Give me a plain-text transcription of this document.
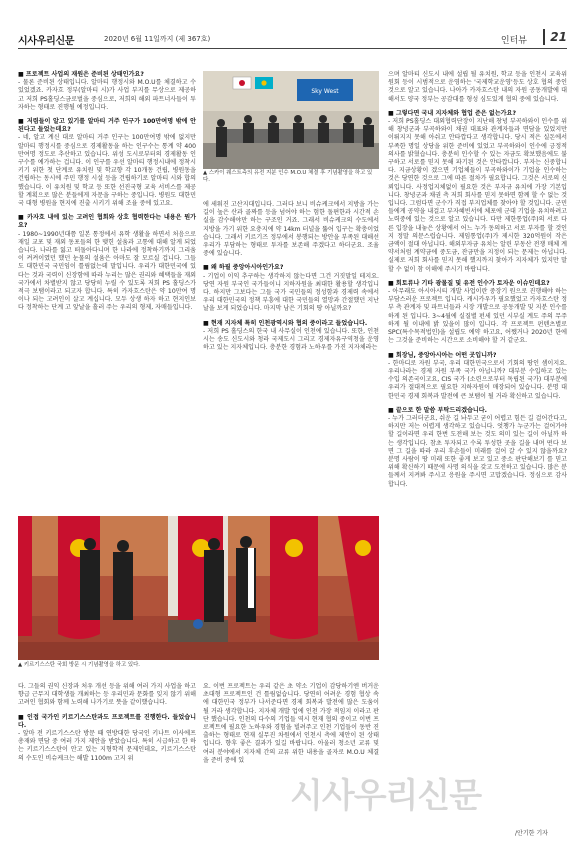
시사우리신문	2020년 6월 11일까지 (제 367호)	인터뷰 21
Sky West
▲ 스카이 웨스트측의 유전 지분 인수 M.O.U 체결 후 기념촬영을 하고 있다.

■ 프로젝트 사업의 재원은 준비된 상태인가요?
- 물론 준비된 상태입니다. 알마티 행정시와 M.O.U를 체결하고 수 있었겠죠. 카자흐 정부(알마티 시)가 사업 부지를 무상으로 제공하고 저희 PS홀딩스금로벌을 중심으로, 저희의 해외 파트너사들이 투자하는 형태로 진행될 예정입니다.

■ 저렴들이 알고 있기를 알마티 거주 인구가 100만여명 밖에 안된다고 들었는데요?
- 네, 알고 계신 대로 알마티 거주 인구는 100만여명 밖에 없지만 알마티 행정시를 중심으로 경제활동을 하는 인구수는 통계 약 400만여명 정도로 추산하고 있습니다. 위성 도시로부터의 경제활동 인구수를 예가하는 겁니다. 이 인구를 우선 알마티 행정시내에 정착시키기 위한 첫 단계로 유치원 및 학교향 각 10개동 건립, 병원동을 건립하는 동시에 주민 행정 시설 등을 건립하기로 알마티 시와 합의했습니다. 이 유치원 및 학교 등 또한 선진국형 교육 서비스를 제공할 계획으로 많은 분들에게 자문을 구하는 중입니다. 병원도 대한민국 대형 병원을 현지에 진출 시키기 위해 조율 중에 있고요.

■ 카자흐 내에 있는 고려인 협회와 상호 협력한다는 내용은 뭔가요?
- 1980~1990년대쯤 일본 통정에서 유학 생활을 하면서 처음으로 재일 교포 및 재외 동포들의 한 맺힌 설움과 고통에 대해 알게 되었습니다. 나라를 잃고 떠돌아다니며 한 나라에 정착하기까지 그리움이 켜켜이였던 했던 눈물의 설움은 아마도 잘 모르실 겁니다. 그들도 대한민국 국민임이 틀림없는데 말입니다. 우리가 대한민국에 있다는 것과 국력이 신장함에 따라 누리는 많은 권리와 혜택들을 재외 국가에서 차별받지 않고 당당히 누릴 수 있도록 저희 PS 홀딩스가 적극 보탬이라고 되고자 합니다. 특히 카자흐스탄은 약 10만여 명이나 되는 고려인이 살고 계십니다. 모두 상생 하자 하고 현지인보다 정착하는 단계 고 앞날을 흘러 주는 우리의 형제, 자매들입니다.

에 세워진 고산지대입니다. 그러다 보니 비슈케크에서 지방을 가는 길이 높은 산과 골짜를 등을 넘어야 하는 험한 돌편한과 시간적 손실을 감수해야만 하는 구조인 거죠. 그래서 비슈케크의 수도에서 지방을 가기 위한 요충지에 약 14km 터널을 뚫어 입구는 확충이었습니다. 그래서 키르기즈 정부에서 봉행되는 방안을 부족된 대해선 우리가 부담하는 형태로 투자를 보존해 주겠다고 하더군요. 조율 중에 있습니다.

■ 왜 하필 중앙아시아인가요?
- 기업이 이익 추구하는 생각하지 않는다면 그건 거짓말일 테지요. 당연 자원 부국인 국가들이니 지하자원을 최대한 활용할 생각입니다. 하지만 그보다는 그들 국가 국민들의 정성함과 경제력 속에서 우리 대한민국의 정책 부흥에 대한 국민들의 열망과 간절했던 지난날을 보게 되었습니다. 마지막 남은 기회의 땅 아닐까요?

■ 현재 지자체 특히 인천광역시와 협의 중이라고 들었습니다.
- 저희 PS 홀딩스의 한국 내 사무실이 인천에 있습니다. 또한, 인천시는 송도 신도시와 청라 국제도시 그리고 경제자유구역청을 운영하고 있는 지자체입니다. 충분한 경험과 노하우를 가진 지자체라는

▲ 키르기스스탄 국회 방문 시 기념촬영을 하고 있다.

다. 그들의 권익 신장과 처우 개선 등을 위해 여러 가지 사업을 하고 향급 근무지 대학생들 개최하는 등 우리민과 문화를 잊지 않기 위해 고려인 협회와 함께 노력해 나가기로 뜻을 같이했습니다.

■ 인접 국가인 키르기스스탄과도 프로젝트를 진행한다. 들었습니다.
- 앞마 전 키르기스스탄 방문 때 연방대한 당국인 키나트 이사에프 총재와 면담 중 여러 가지 제안을 받았습니다. 특히 시급하고 한 하는 키르기스스탄이 안고 있는 지형학적 문제인데요, 키르기스스탄의 수도인 비슈케크는 해발 1100m 고지 위

요. 이번 프로젝트는 우리 같은 초 약소 기업이 감당하기엔 버거운 초대형 프로젝트인 건 틀림없습니다. 당연히 어려운 경험 협상 속에 대한민국 정부가 나서준다면 경제 회복과 발전에 많은 도움이 될 거라 생각합니다. 지자체 개발 업에 인천 가장 적임지 이라고 판단 했습니다. 인천의 다수의 기업들 역시 현재 협의 중이고 이번 프로젝트에 필요한 노하우와 경험을 빌려주고 인천 기업들이 동반 진출하는 형태로 현재 실무진 차원에서 인천시 측에 제안이 된 상태입니다. 향후 좋은 결과가 있길 바랍니다. 아울러 청소년 교류 및 여러 분야에서 지자체 간의 교류 위한 내용을 골자로 M.O.U 체결을 준비 중에 있

으며 알마티 신도시 내에 설립 될 유치원, 학교 등을 인천시 교육위원회 등이 시범적으로 운영하는 '국제학교운영'등도 상호 협의 중인 것으로 알고 있습니다. 나아가 카자흐스탄 내의 자원 공동개발에 대해서도 양국 정부는 공감대를 형성 심도있게 협의 중에 있습니다.

■ 그렇다면 국내 지자체와 협업 준은 없는가요?
- 저희 PS홀딩스 대외협력단장이 지난해 창녕 부곡하와이 인수를 위해 창녕군과 부곡하와이 채권 대표와 관계자들과 면담을 있었지만 이뤄지지 못해 아쉬고 안타깝다고 생각합니다. 당시 적은 실돈에서 부족한 명일 상당을 위한 준비에 있었고 부곡하와이 인수에 긍정적 의사를 밝혔습니다. 충분히 인수할 수 있는 자금도 확보했음에도 불구하고 서로를 믿지 못해 파기된 것은 안타깝니다. 부자는 신중합니다. 지금상황이 겠으면 기업체들이 부곡하와이가 기업을 인수하는 것은 당연한 것으로 그에 따른 절차가 필요합니다. 그것은 서로의 신뢰입니다. 사정업지체없이 필요한 것은 부자규 유치에 가장 기본입니다. 창녕군과 채권 측 저희 회사를 믿지 못하면 함께 할 수 없는 것입니다. 그럼다면 군수가 직접 부지업체를 찾아야 할 것입니다. 군민들에게 공약을 내걸고 부자혜빈서에 체포에 군대 기업을 유치하려고 노력중에 있는 것으로 알고 있습니다. 다만 제한통업(주)의 서로 다른 입장을 내놓은 상황에서 어느 누가 동의하고 서로 부자를 할 것인지 정말 의문스럽습니다. 제임통업(주)가 제시한 320억원이 작은 금액이 절대 아닙니다. 해외부자금 유치는 알린 부동산 전쟁 매체 계약서처럼 계약금에 중도금, 잔금만을 지정이 되는 문제는 아닙니다. 실제로 저희 회사를 믿지 못해 했지까지 찾아가 지자체가 있지만 말할 수 없이 참 이해에 주시기 바랍니다.

■ 회토류나 기타 광물질 및 유전 인수가 토자운 이슈인데요?
- 아무래도 아시아시티 개발 사업이란 중장기 원으로 진행해야 하는 부담스러운 프로젝트 입니다. 캐시카우가 필요했었고 카자흐스탄 정부 측 관계자 및 파트너들과 시장 개발으로 공동개발 및 지분 인수를 하게 된 입니다. 3~4월에 실질별 펀세 있던 시부실 계도 주의 무주하게 될 이내에 밝 있을이 많이 입니다. 각 프로젝트 펀텐츠별로 SPC(특수목적법인)을 설립도 예약 하고요, 어쨌거나 2020년 한에는 그것을 준비하는 시간으로 소비해야 할 거 같군요.

■ 회장님, 중앙아시아는 어떤 곳입니까?
- 한마디로 자원 부국, 우리 대한민국으로서 기회의 땅인 셈이지요. 우리나라는 경제 자원 부족 국가 아닙니까? 대부분 수입하고 있는 수입 의존국이고요, CIS 국가 (소련으로부터 독립된 국가) 대부분에 우리가 절대적으로 필요한 지하자원이 매장되어 있습니다. 분명 대한민국 경제 회복과 발전에 큰 보탬이 될 거라 확신하고 있습니다.

■ 끝으로 한 말씀 부탁드리겠습니다.
- 누가 그러더군요, 쉬운 길 놔두고 굳이 어렵고 힘든 길 걸어간다고, 하지만 저는 어렵게 생각하고 있습니다. 엇챙가 누군가는 걸어가야 할 길이라면 우리 한번 도전해 보는 것도 의미 있는 길이 아닐까 하는 생각입니다. 참초 투자되고 수록 투성한 곳을 길을 내며 떤다 보면 그 길을 따라 우리 후손들이 미래를 걸어 갈 수 있지 않을까요? 분명 사람이 땅 미래 또한 좋게 보고 있고 중소 판단해보기 를 믿고 위해 확신하기 때문에 사명 의식을 갖고 도전하고 있습니다. 많은 분들께서 지켜봐 주시고 응원을 주시면 고맙겠습니다. 정심으로 감사합니다.

/안기한 기자
시사우리신문
